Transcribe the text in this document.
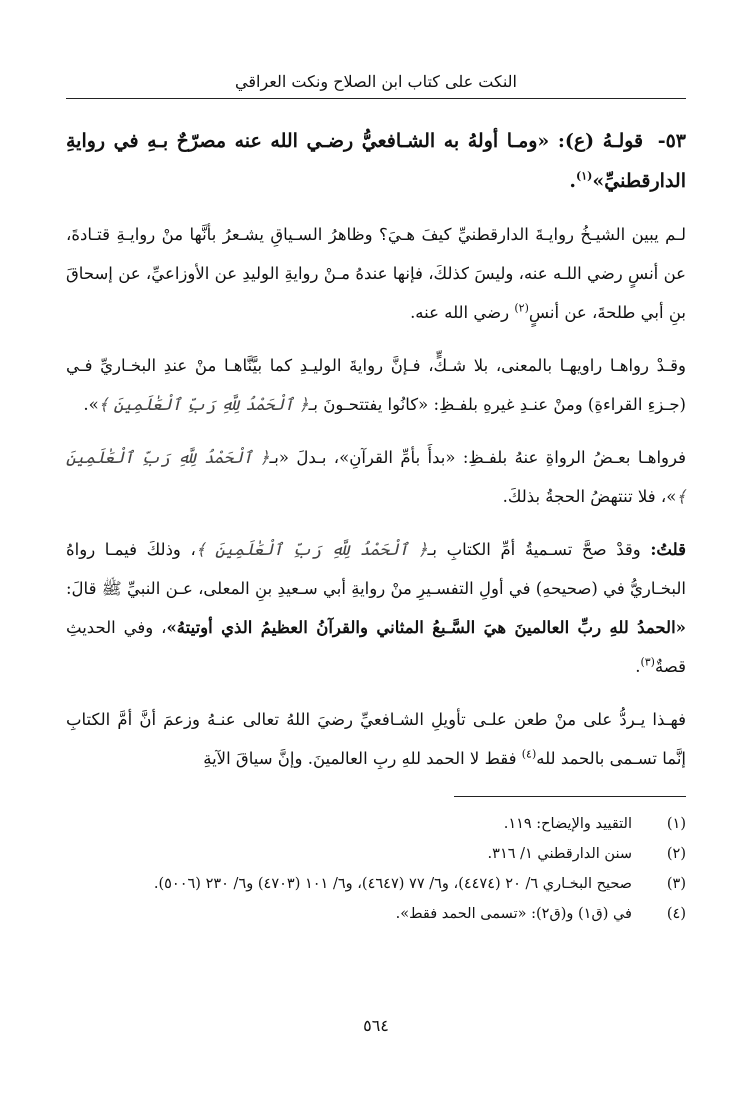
النكت على كتاب ابن الصلاح ونكت العراقي
٥٣- قولـهُ (ع): «ومـا أولهُ به الشـافعيُّ رضـي الله عنه مصرّحٌ بـهِ في روايةِ الدارقطنيِّ»$^{(١)}$.
لـم يبين الشيـخُ روايـةَ الدارقطنيِّ كيفَ هـيَ؟ وظاهرُ السـياقِ يشـعرُ بأنَّها منْ روايـةِ قتـادةَ، عن أنسٍ رضي اللـه عنه، وليسَ كذلكَ، فإنها عندهُ مـنْ روايةِ الوليدِ عن الأوزاعيِّ، عن إسحاقَ بنِ أبي طلحةَ، عن أنسٍ$^{(٢)}$ رضي الله عنه.
وقـدْ رواهـا راويهـا بالمعنى، بلا شـكٍّ، فـإنَّ روايةَ الوليـدِ كما بيَّنَّاهـا منْ عندِ البخـاريِّ فـي (جـزءِ القراءةِ) ومنْ عنـدِ غيرهِ بلفـظِ: «كانُوا يفتتحـونَ بـ﴿ ٱلْحَمْدُ لِلَّهِ رَبِّ ٱلْعَٰلَمِينَ ﴾».
فرواهـا بعـضُ الرواةِ عنهُ بلفـظِ: «بدأَ بأمِّ القرآنِ»، بـدلَ «بـ﴿ ٱلْحَمْدُ لِلَّهِ رَبِّ ٱلْعَٰلَمِينَ ﴾»، فلا تنتهضُ الحجةُ بذلكَ.
قلتُ: وقدْ صحَّ تسـميةُ أمِّ الكتابِ بـ﴿ ٱلْحَمْدُ لِلَّهِ رَبِّ ٱلْعَٰلَمِينَ ﴾، وذلكَ فيمـا رواهُ البخـاريُّ في (صحيحهِ) في أولِ التفسـيرِ منْ روايةِ أبي سـعيدِ بنِ المعلى، عـن النبيِّ ﷺ قالَ: «الحمدُ للهِ ربِّ العالمينَ هيَ السَّـبعُ المثاني والقرآنُ العظيمُ الذي أوتيتهُ»، وفي الحديثِ قصةٌ$^{(٣)}$.
فهـذا يـردُّ على منْ طعن علـى تأويلِ الشـافعيِّ رضيَ اللهُ تعالى عنـهُ وزعمَ أنَّ أمَّ الكتابِ إنَّما تسـمى بالحمد لله$^{(٤)}$ فقط لا الحمد للهِ ربِ العالمينَ. وإنَّ سياقَ الآيةِ
(١)
التقييد والإيضاح: ١١٩.
(٢)
سنن الدارقطني ١/ ٣١٦.
(٣)
صحيح البخـاري ٦/ ٢٠ (٤٤٧٤)، و٦/ ٧٧ (٤٦٤٧)، و٦/ ١٠١ (٤٧٠٣) و٦/ ٢٣٠ (٥٠٠٦).
(٤)
في (ق١) و(ق٢): «تسمى الحمد فقط».
٥٦٤
